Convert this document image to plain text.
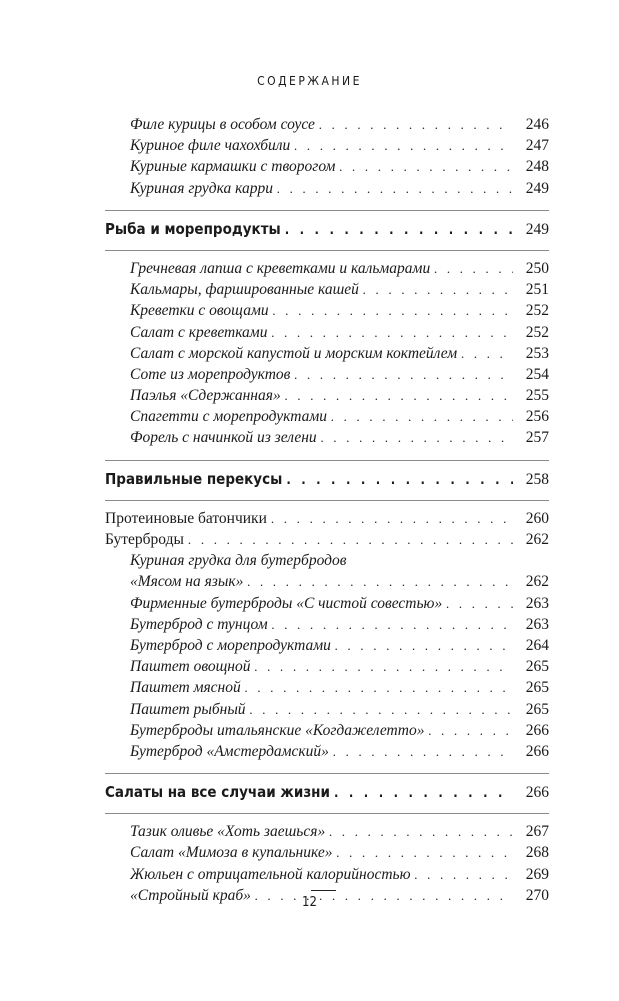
СОДЕРЖАНИЕ
Филе курицы в особом соусе . . .	246
Куриное филе чахохбили . . .	247
Куриные кармашки с творогом . . .	248
Куриная грудка карри . . .	249
Рыба и морепродукты . . .	249
Гречневая лапша с креветками и кальмарами . . .	250
Кальмары, фаршированные кашей . . .	251
Креветки с овощами . . .	252
Салат с креветками . . .	252
Салат с морской капустой и морским коктейлем . . .	253
Соте из морепродуктов . . .	254
Паэлья «Сдержанная» . . .	255
Спагетти с морепродуктами . . .	256
Форель с начинкой из зелени . . .	257
Правильные перекусы . . .	258
Протеиновые батончики . . .	260
Бутерброды . . .	262
Куриная грудка для бутербродов
«Мясом на язык» . . .	262
Фирменные бутерброды «С чистой совестью» . . .	263
Бутерброд с тунцом . . .	263
Бутерброд с морепродуктами . . .	264
Паштет овощной . . .	265
Паштет мясной . . .	265
Паштет рыбный . . .	265
Бутерброды итальянские «Когдажелетто» . . .	266
Бутерброд «Амстердамский» . . .	266
Салаты на все случаи жизни . . .	266
Тазик оливье «Хоть заешься» . . .	267
Салат «Мимоза в купальнике» . . .	268
Жюльен с отрицательной калорийностью . . .	269
«Стройный краб» . . .	270
12
